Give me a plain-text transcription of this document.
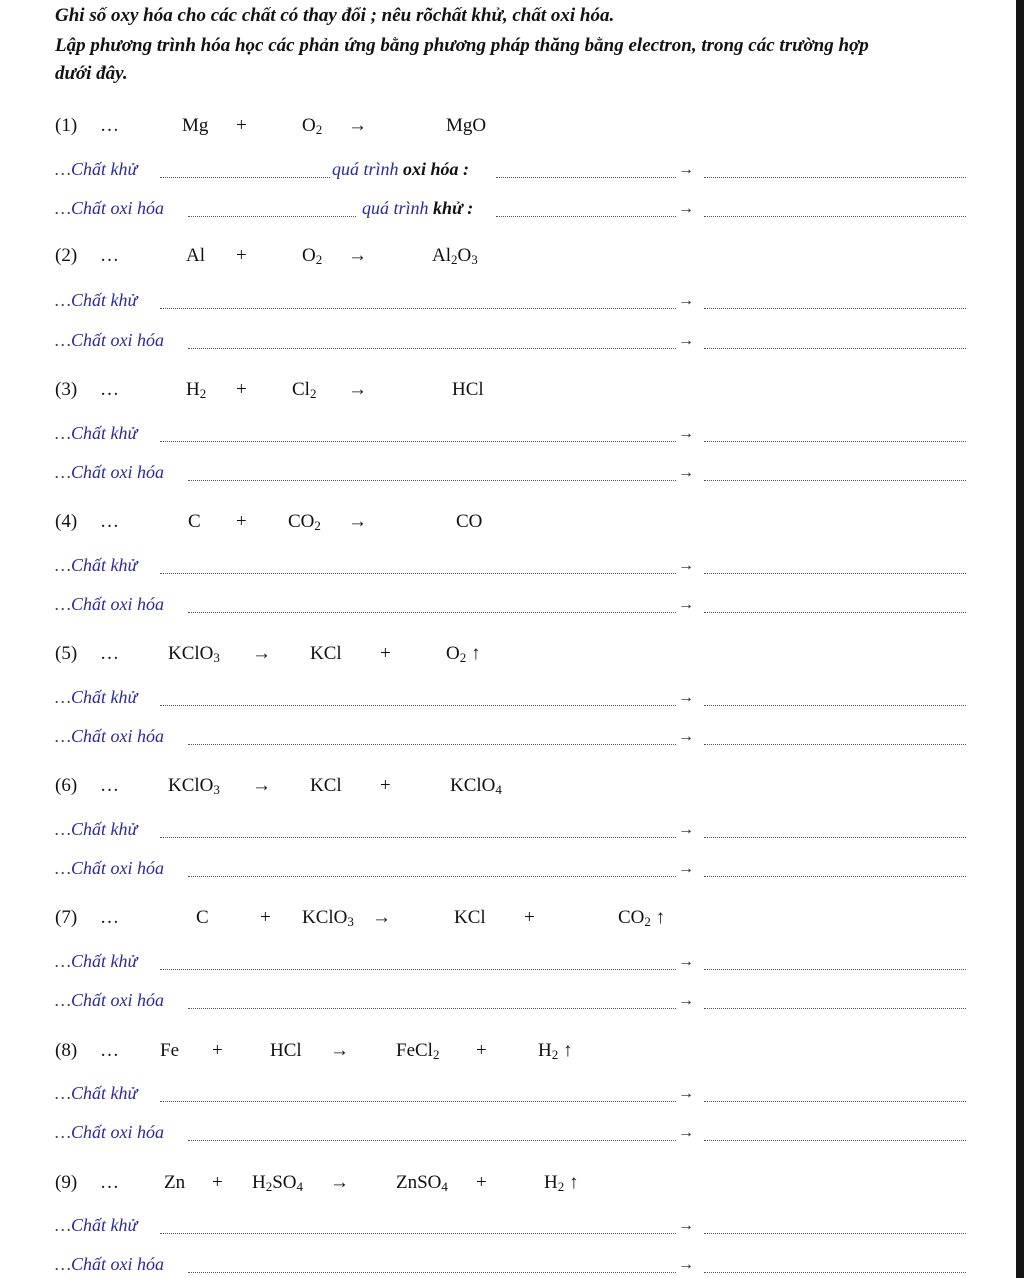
Ghi số oxy hóa cho các chất có thay đổi ; nêu rõchất khử, chất oxi hóa.
Lập phương trình hóa học các phản ứng bằng phương pháp thăng bằng electron, trong các trường hợp
dưới đây.
(1) …	Mg +	$O_2$ →	MgO
…Chất khử	quá trình oxi hóa :	→
…Chất oxi hóa	quá trình khử :	→
(2) …	Al +	$O_2$ →	$Al_2O_3$
…Chất khử	→
…Chất oxi hóa	→
(3) …	$H_2 + Cl_2$ →	HCl
…Chất khử	→
…Chất oxi hóa	→
(4) …	$C + CO_2$ →	CO
…Chất khử	→
…Chất oxi hóa	→
(5) …	KClO$_3$ → KCl +	$O_2$ ↑
…Chất khử	→
…Chất oxi hóa	→
(6) …	KClO$_3$ → KCl +	KClO$_4$
…Chất khử	→
…Chất oxi hóa	→
(7) …	C	+ KClO$_3$ →	KCl +	$CO_2$ ↑
…Chất khử	→
…Chất oxi hóa	→
(8) … Fe + HCl → FeCl$_2$ +	$H_2$ ↑
…Chất khử	→
…Chất oxi hóa	→
(9) … $Zn + H_2SO_4$ → ZnSO$_4$ +	$H_2$ ↑
…Chất khử	→
…Chất oxi hóa	→
